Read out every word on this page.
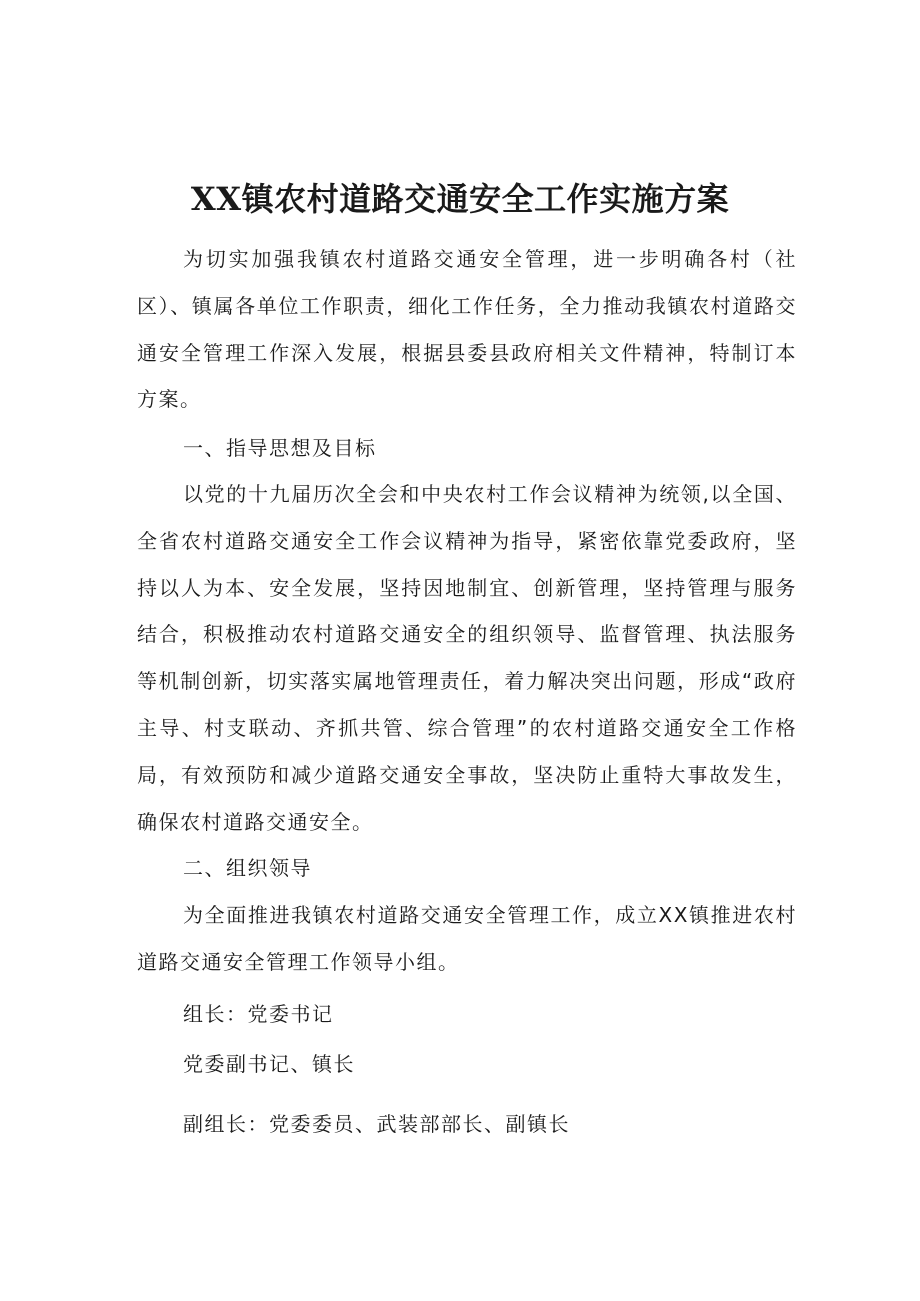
XX镇农村道路交通安全工作实施方案
为切实加强我镇农村道路交通安全管理，进一步明确各村（社区）、镇属各单位工作职责，细化工作任务，全力推动我镇农村道路交通安全管理工作深入发展，根据县委县政府相关文件精神，特制订本方案。
一、指导思想及目标
以党的十九届历次全会和中央农村工作会议精神为统领,以全国、全省农村道路交通安全工作会议精神为指导，紧密依靠党委政府，坚持以人为本、安全发展，坚持因地制宜、创新管理，坚持管理与服务结合，积极推动农村道路交通安全的组织领导、监督管理、执法服务等机制创新，切实落实属地管理责任，着力解决突出问题，形成“政府主导、村支联动、齐抓共管、综合管理”的农村道路交通安全工作格局，有效预防和减少道路交通安全事故，坚决防止重特大事故发生，确保农村道路交通安全。
二、组织领导
为全面推进我镇农村道路交通安全管理工作，成立XX镇推进农村道路交通安全管理工作领导小组。
组长：党委书记
党委副书记、镇长
副组长：党委委员、武装部部长、副镇长
